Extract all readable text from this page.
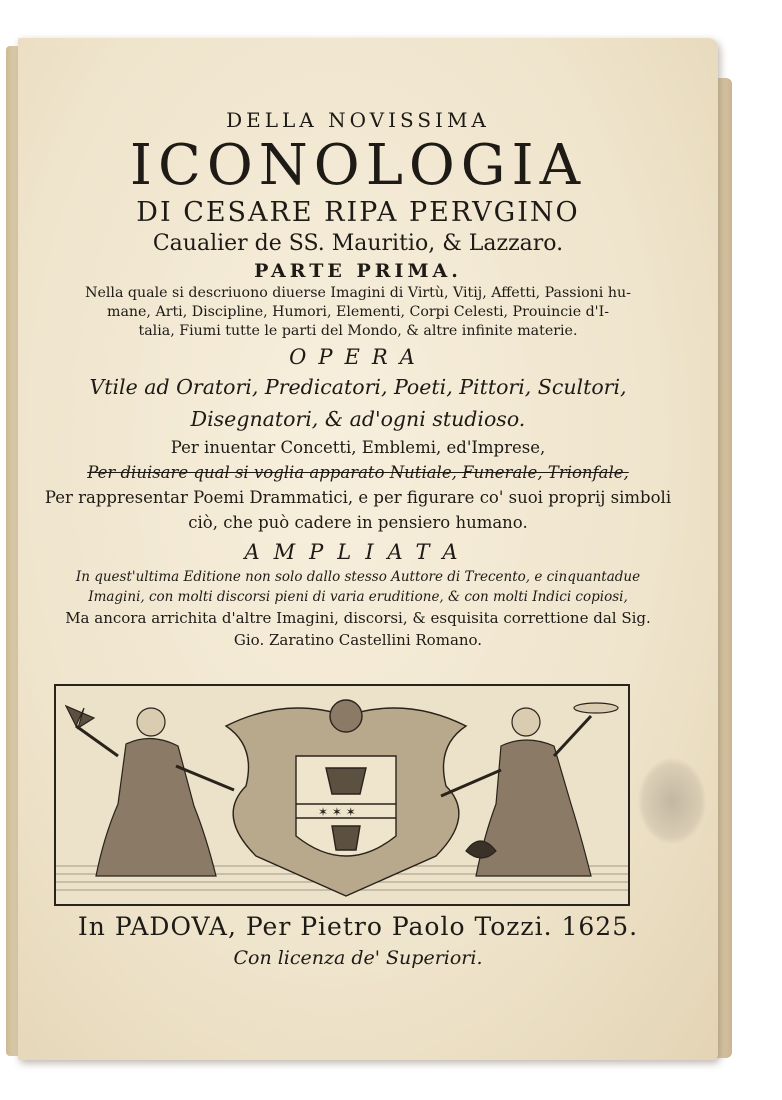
DELLA NOVISSIMA
ICONOLOGIA
DI CESARE RIPA PERVGINO
Caualier de SS. Mauritio, & Lazzaro.
PARTE PRIMA.
Nella quale si descriuono diuerse Imagini di Virtù, Vitij, Affetti, Passioni hu-
mane, Arti, Discipline, Humori, Elementi, Corpi Celesti, Prouincie d'I-
talia, Fiumi tutte le parti del Mondo, & altre infinite materie.
OPERA
Vtile ad Oratori, Predicatori, Poeti, Pittori, Scultori,
Disegnatori, & ad'ogni studioso.
Per inuentar Concetti, Emblemi, ed'Imprese,
Per diuisare qual si voglia apparato Nutiale, Funerale, Trionfale,
Per rappresentar Poemi Drammatici, e per figurare co' suoi proprij simboli
ciò, che può cadere in pensiero humano.
AMPLIATA
In quest'ultima Editione non solo dallo stesso Auttore di Trecento, e cinquantadue
Imagini, con molti discorsi pieni di varia eruditione, & con molti Indici copiosi,
Ma ancora arrichita d'altre Imagini, discorsi, & esquisita correttione dal Sig.
Gio. Zaratino Castellini Romano.
✶ ✶ ✶
In PADOVA, Per Pietro Paolo Tozzi. 1625.
Con licenza de' Superiori.
